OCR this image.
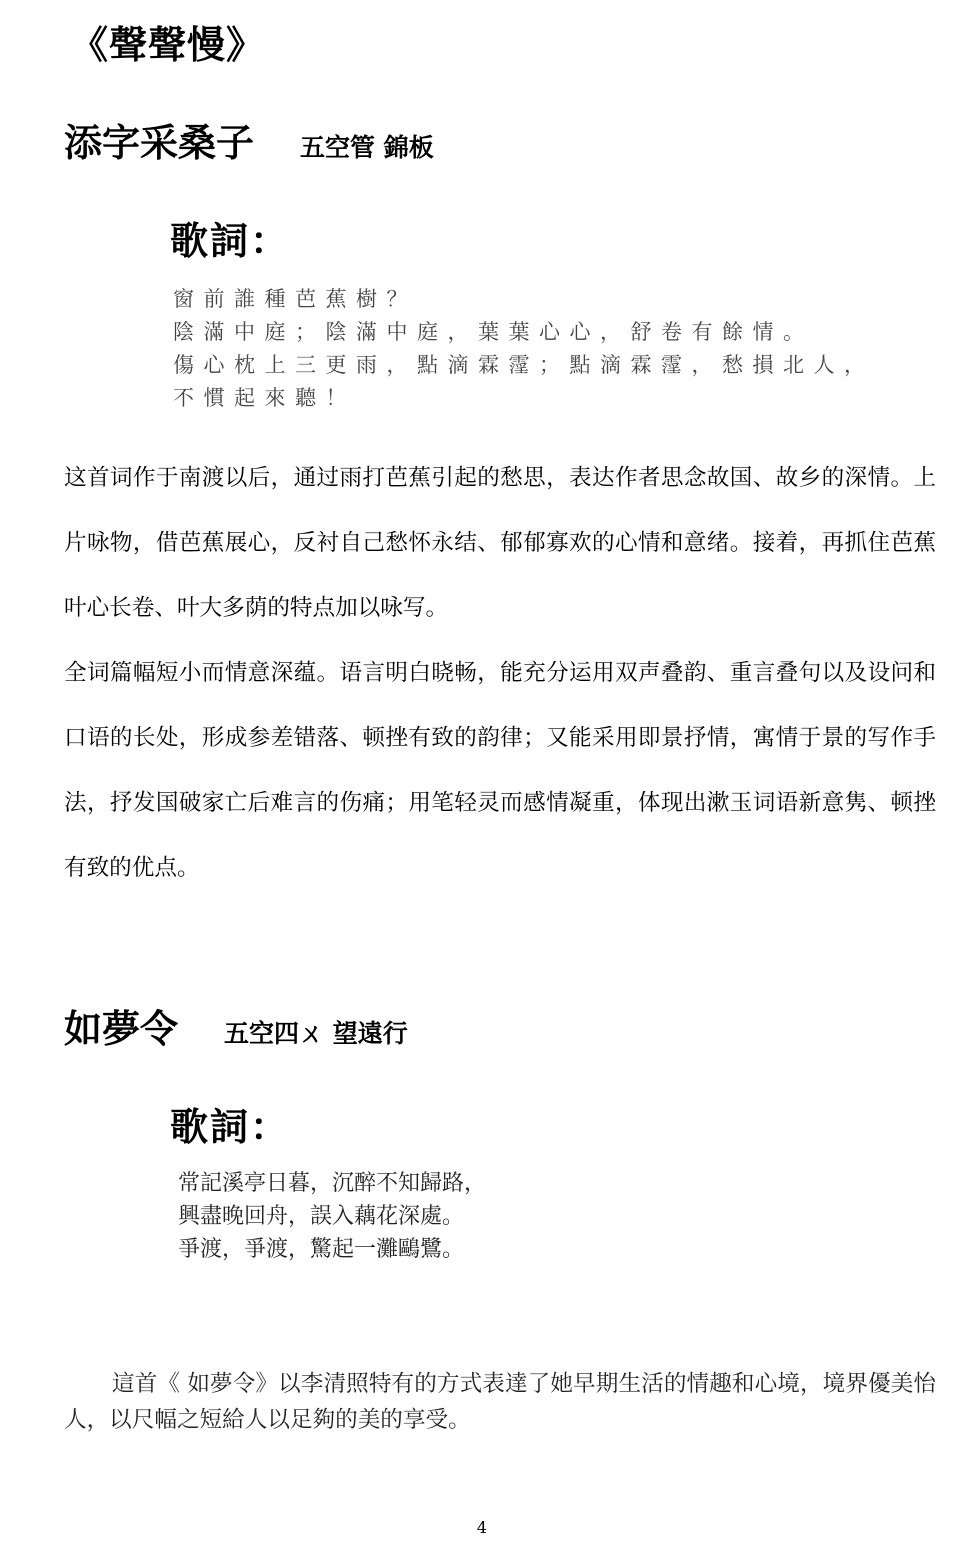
《聲聲慢》
添字采桑子 五空管 錦板
歌詞：
窗前誰種芭蕉樹？
陰滿中庭；陰滿中庭，葉葉心心，舒卷有餘情。
傷心枕上三更雨，點滴霖霪；點滴霖霪，愁損北人，
不慣起來聽！

这首词作于南渡以后，通过雨打芭蕉引起的愁思，表达作者思念故国、故乡的深情。上片咏物，借芭蕉展心，反衬自己愁怀永结、郁郁寡欢的心情和意绪。接着，再抓住芭蕉叶心长卷、叶大多荫的特点加以咏写。

全词篇幅短小而情意深蕴。语言明白晓畅，能充分运用双声叠韵、重言叠句以及设问和口语的长处，形成参差错落、顿挫有致的韵律；又能采用即景抒情，寓情于景的写作手法，抒发国破家亡后难言的伤痛；用笔轻灵而感情凝重，体现出漱玉词语新意隽、顿挫有致的优点。

如夢令 五空四ㄨ 望遠行
歌詞：
常記溪亭日暮，沉醉不知歸路，
興盡晚回舟，誤入藕花深處。
爭渡，爭渡，驚起一灘鷗鷺。

這首《 如夢令》以李清照特有的方式表達了她早期生活的情趣和心境，境界優美怡人，以尺幅之短給人以足夠的美的享受。

4
